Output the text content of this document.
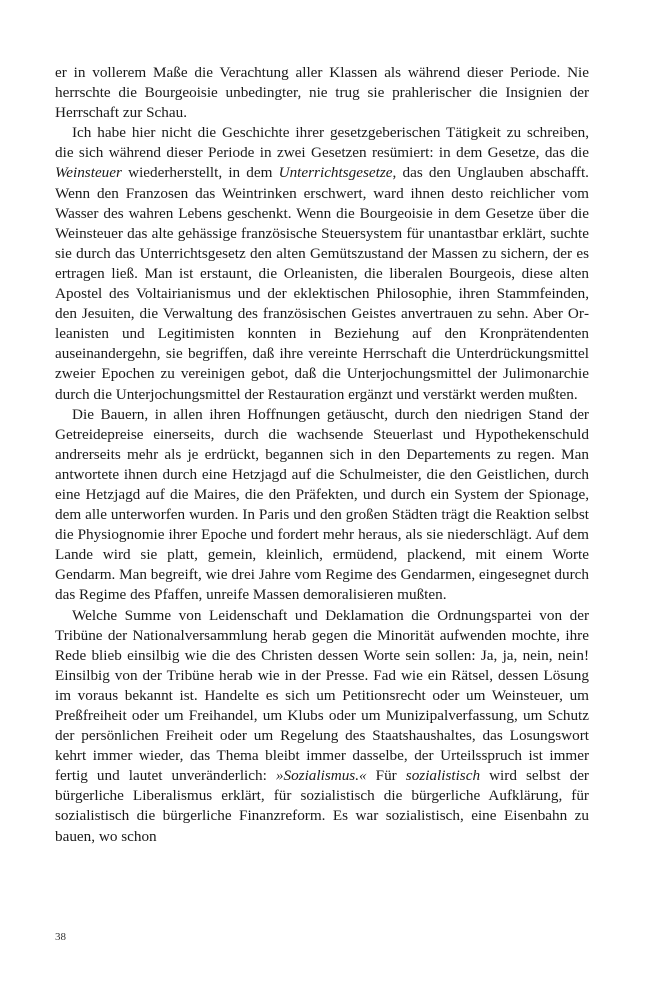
er in vollerem Maße die Verachtung aller Klassen als während dieser Periode. Nie herrschte die Bourgeoisie unbedingter, nie trug sie prahlerischer die Insignien der Herrschaft zur Schau.

Ich habe hier nicht die Geschichte ihrer gesetzgeberischen Tätigkeit zu schreiben, die sich während dieser Periode in zwei Gesetzen resümiert: in dem Gesetze, das die Weinsteuer wiederherstellt, in dem Unterrichtsgesetze, das den Unglauben abschafft. Wenn den Franzosen das Weintrinken erschwert, ward ihnen desto reichlicher vom Wasser des wahren Lebens geschenkt. Wenn die Bourgeoisie in dem Gesetze über die Weinsteuer das alte gehässige französische Steuersystem für unantastbar erklärt, suchte sie durch das Unterrichtsgesetz den alten Gemütszustand der Massen zu sichern, der es ertragen ließ. Man ist erstaunt, die Orleanisten, die liberalen Bourgeois, diese alten Apostel des Voltairianismus und der eklektischen Philosophie, ihren Stammfeinden, den Jesuiten, die Verwaltung des französischen Geistes anvertrauen zu sehn. Aber Orleanisten und Legitimisten konnten in Beziehung auf den Kronprätendenten auseinandergehn, sie begriffen, daß ihre vereinte Herrschaft die Unterdrückungsmittel zweier Epochen zu vereinigen gebot, daß die Unterjochungsmittel der Julimonarchie durch die Unterjochungsmittel der Restauration ergänzt und verstärkt werden mußten.

Die Bauern, in allen ihren Hoffnungen getäuscht, durch den niedrigen Stand der Getreidepreise einerseits, durch die wachsende Steuerlast und Hypothekenschuld andrerseits mehr als je erdrückt, begannen sich in den Departements zu regen. Man antwortete ihnen durch eine Hetzjagd auf die Schulmeister, die den Geistlichen, durch eine Hetzjagd auf die Maires, die den Präfekten, und durch ein System der Spionage, dem alle unterworfen wurden. In Paris und den großen Städten trägt die Reaktion selbst die Physiognomie ihrer Epoche und fordert mehr heraus, als sie niederschlägt. Auf dem Lande wird sie platt, gemein, kleinlich, ermüdend, plackend, mit einem Worte Gendarm. Man begreift, wie drei Jahre vom Regime des Gendarmen, eingesegnet durch das Regime des Pfaffen, unreife Massen demoralisieren mußten.

Welche Summe von Leidenschaft und Deklamation die Ordnungspartei von der Tribüne der Nationalversammlung herab gegen die Minorität aufwenden mochte, ihre Rede blieb einsilbig wie die des Christen dessen Worte sein sollen: Ja, ja, nein, nein! Einsilbig von der Tribüne herab wie in der Presse. Fad wie ein Rätsel, dessen Lösung im voraus bekannt ist. Handelte es sich um Petitionsrecht oder um Weinsteuer, um Preßfreiheit oder um Freihandel, um Klubs oder um Munizipalverfassung, um Schutz der persönlichen Freiheit oder um Regelung des Staatshaushaltes, das Losungswort kehrt immer wieder, das Thema bleibt immer dasselbe, der Urteilsspruch ist immer fertig und lautet unveränderlich: »Sozialismus.« Für sozialistisch wird selbst der bürgerliche Liberalismus erklärt, für sozialistisch die bürgerliche Aufklärung, für sozialistisch die bürgerliche Finanzreform. Es war sozialistisch, eine Eisenbahn zu bauen, wo schon

38
